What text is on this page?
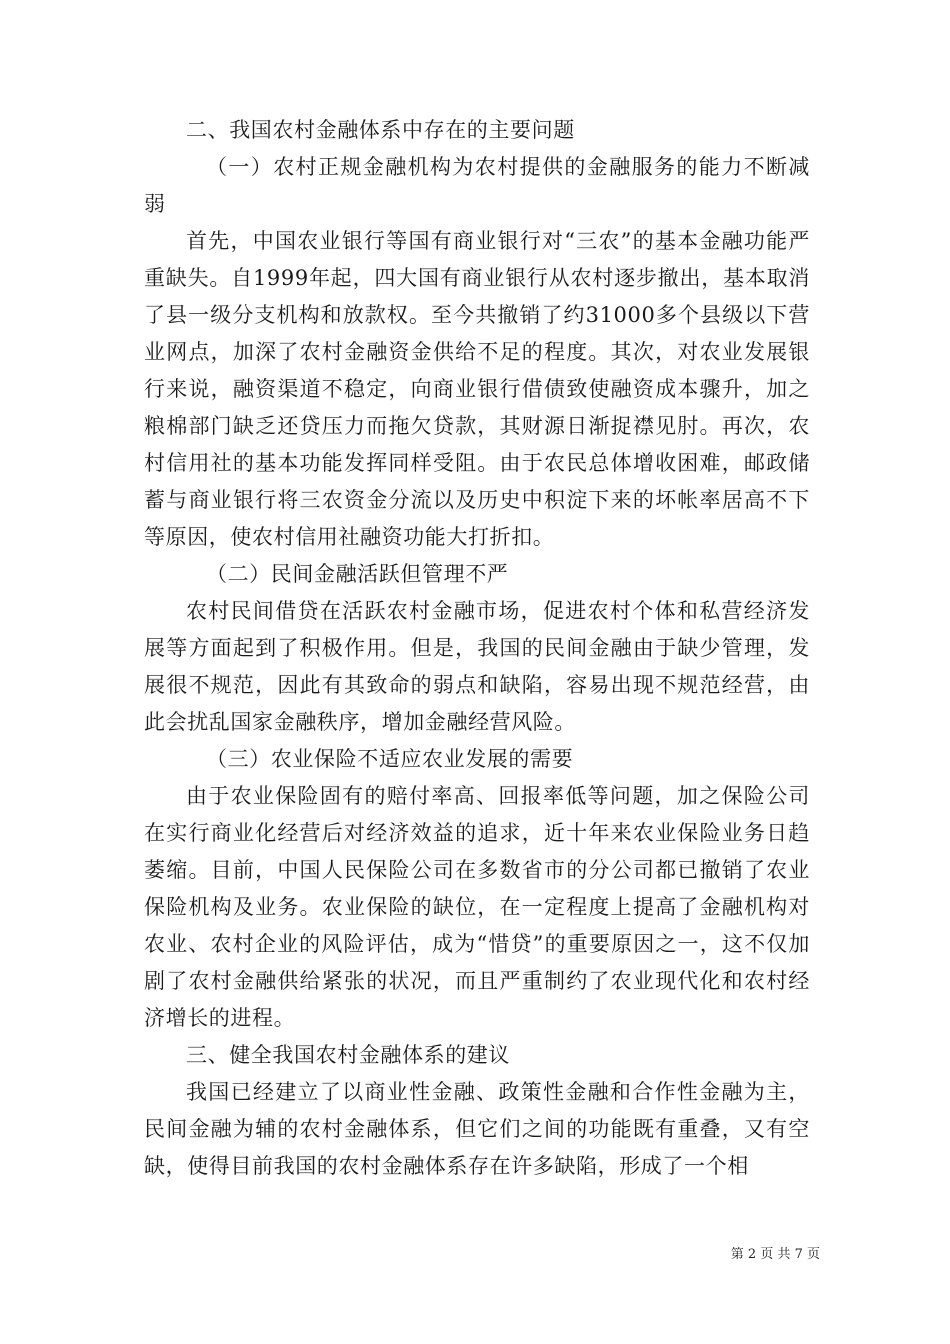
二、我国农村金融体系中存在的主要问题

（一）农村正规金融机构为农村提供的金融服务的能力不断减弱

首先，中国农业银行等国有商业银行对“三农”的基本金融功能严重缺失。自1999年起，四大国有商业银行从农村逐步撤出，基本取消了县一级分支机构和放款权。至今共撤销了约31000多个县级以下营业网点，加深了农村金融资金供给不足的程度。其次，对农业发展银行来说，融资渠道不稳定，向商业银行借债致使融资成本骤升，加之粮棉部门缺乏还贷压力而拖欠贷款，其财源日渐捉襟见肘。再次，农村信用社的基本功能发挥同样受阻。由于农民总体增收困难，邮政储蓄与商业银行将三农资金分流以及历史中积淀下来的坏帐率居高不下等原因，使农村信用社融资功能大打折扣。

（二）民间金融活跃但管理不严

农村民间借贷在活跃农村金融市场，促进农村个体和私营经济发展等方面起到了积极作用。但是，我国的民间金融由于缺少管理，发展很不规范，因此有其致命的弱点和缺陷，容易出现不规范经营，由此会扰乱国家金融秩序，增加金融经营风险。

（三）农业保险不适应农业发展的需要

由于农业保险固有的赔付率高、回报率低等问题，加之保险公司在实行商业化经营后对经济效益的追求，近十年来农业保险业务日趋萎缩。目前，中国人民保险公司在多数省市的分公司都已撤销了农业保险机构及业务。农业保险的缺位，在一定程度上提高了金融机构对农业、农村企业的风险评估，成为“惜贷”的重要原因之一，这不仅加剧了农村金融供给紧张的状况，而且严重制约了农业现代化和农村经济增长的进程。

三、健全我国农村金融体系的建议

我国已经建立了以商业性金融、政策性金融和合作性金融为主，民间金融为辅的农村金融体系，但它们之间的功能既有重叠，又有空缺，使得目前我国的农村金融体系存在许多缺陷，形成了一个相

第 2 页 共 7 页
